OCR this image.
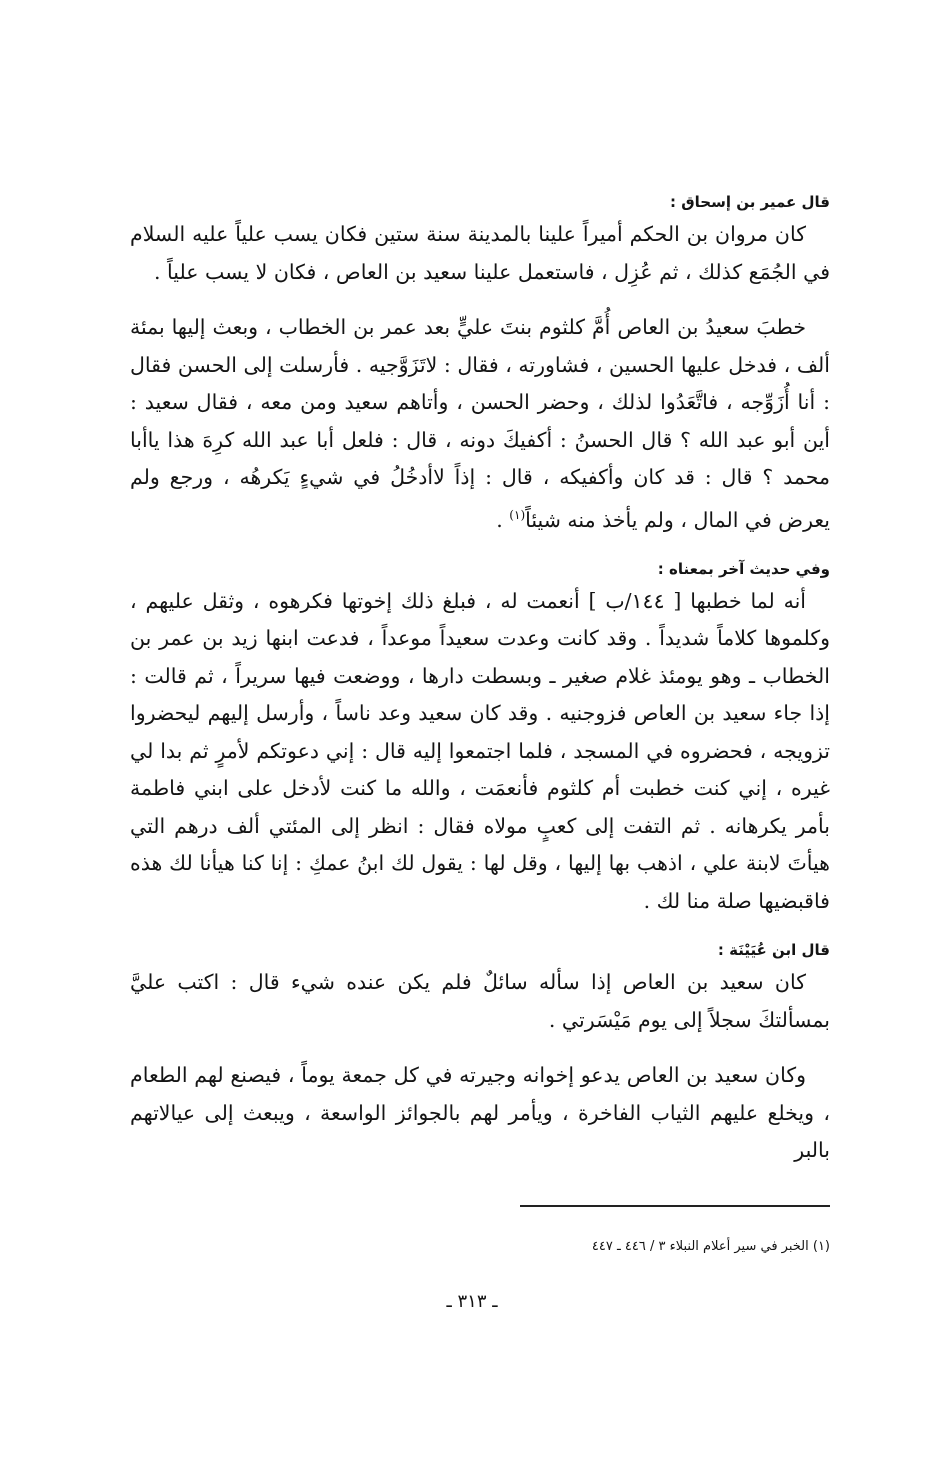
قال عمير بن إسحاق :

كان مروان بن الحكم أميراً علينا بالمدينة سنة ستين فكان يسب علياً عليه السلام في الجُمَع كذلك ، ثم عُزِل ، فاستعمل علينا سعيد بن العاص ، فكان لا يسب علياً .

خطبَ سعيدُ بن العاص أُمَّ كلثوم بنتَ عليٍّ بعد عمر بن الخطاب ، وبعث إليها بمئة ألف ، فدخل عليها الحسين ، فشاورته ، فقال : لاتَزَوَّجيه . فأرسلت إلى الحسن فقال : أنا أُزَوِّجه ، فاتَّعَدُوا لذلك ، وحضر الحسن ، وأتاهم سعيد ومن معه ، فقال سعيد : أين أبو عبد الله ؟ قال الحسنُ : أكفيكَ دونه ، قال : فلعل أبا عبد الله كرِهَ هذا ياأبا محمد ؟ قال : قد كان وأكفيكه ، قال : إذاً لاأدخُلُ في شيءٍ يَكرهُه ، ورجع ولم يعرض في المال ، ولم يأخذ منه شيئاً$^{(١)}$ .

وفي حديث آخر بمعناه :

أنه لما خطبها [ ١٤٤/ب ] أنعمت له ، فبلغ ذلك إخوتها فكرهوه ، وثقل عليهم ، وكلموها كلاماً شديداً . وقد كانت وعدت سعيداً موعداً ، فدعت ابنها زيد بن عمر بن الخطاب ـ وهو يومئذ غلام صغير ـ وبسطت دارها ، ووضعت فيها سريراً ، ثم قالت : إذا جاء سعيد بن العاص فزوجنيه . وقد كان سعيد وعد ناساً ، وأرسل إليهم ليحضروا تزويجه ، فحضروه في المسجد ، فلما اجتمعوا إليه قال : إني دعوتكم لأمرٍ ثم بدا لي غيره ، إني كنت خطبت أم كلثوم فأنعمَت ، والله ما كنت لأدخل على ابني فاطمة بأمر يكرهانه . ثم التفت إلى كعبٍ مولاه فقال : انظر إلى المئتي ألف درهم التي هيأتَ لابنة علي ، اذهب بها إليها ، وقل لها : يقول لك ابنُ عمكِ : إنا كنا هيأنا لك هذه فاقبضيها صلة منا لك .

قال ابن عُيَيْنَة :

كان سعيد بن العاص إذا سأله سائلٌ فلم يكن عنده شيء قال : اكتب عليَّ بمسألتكَ سجلاً إلى يوم مَيْسَرتي .

وكان سعيد بن العاص يدعو إخوانه وجيرته في كل جمعة يوماً ، فيصنع لهم الطعام ، ويخلع عليهم الثياب الفاخرة ، ويأمر لهم بالجوائز الواسعة ، ويبعث إلى عيالاتهم بالبر

(١) الخبر في سير أعلام النبلاء ٣ / ٤٤٦ ـ ٤٤٧
ـ ٣١٣ ـ
